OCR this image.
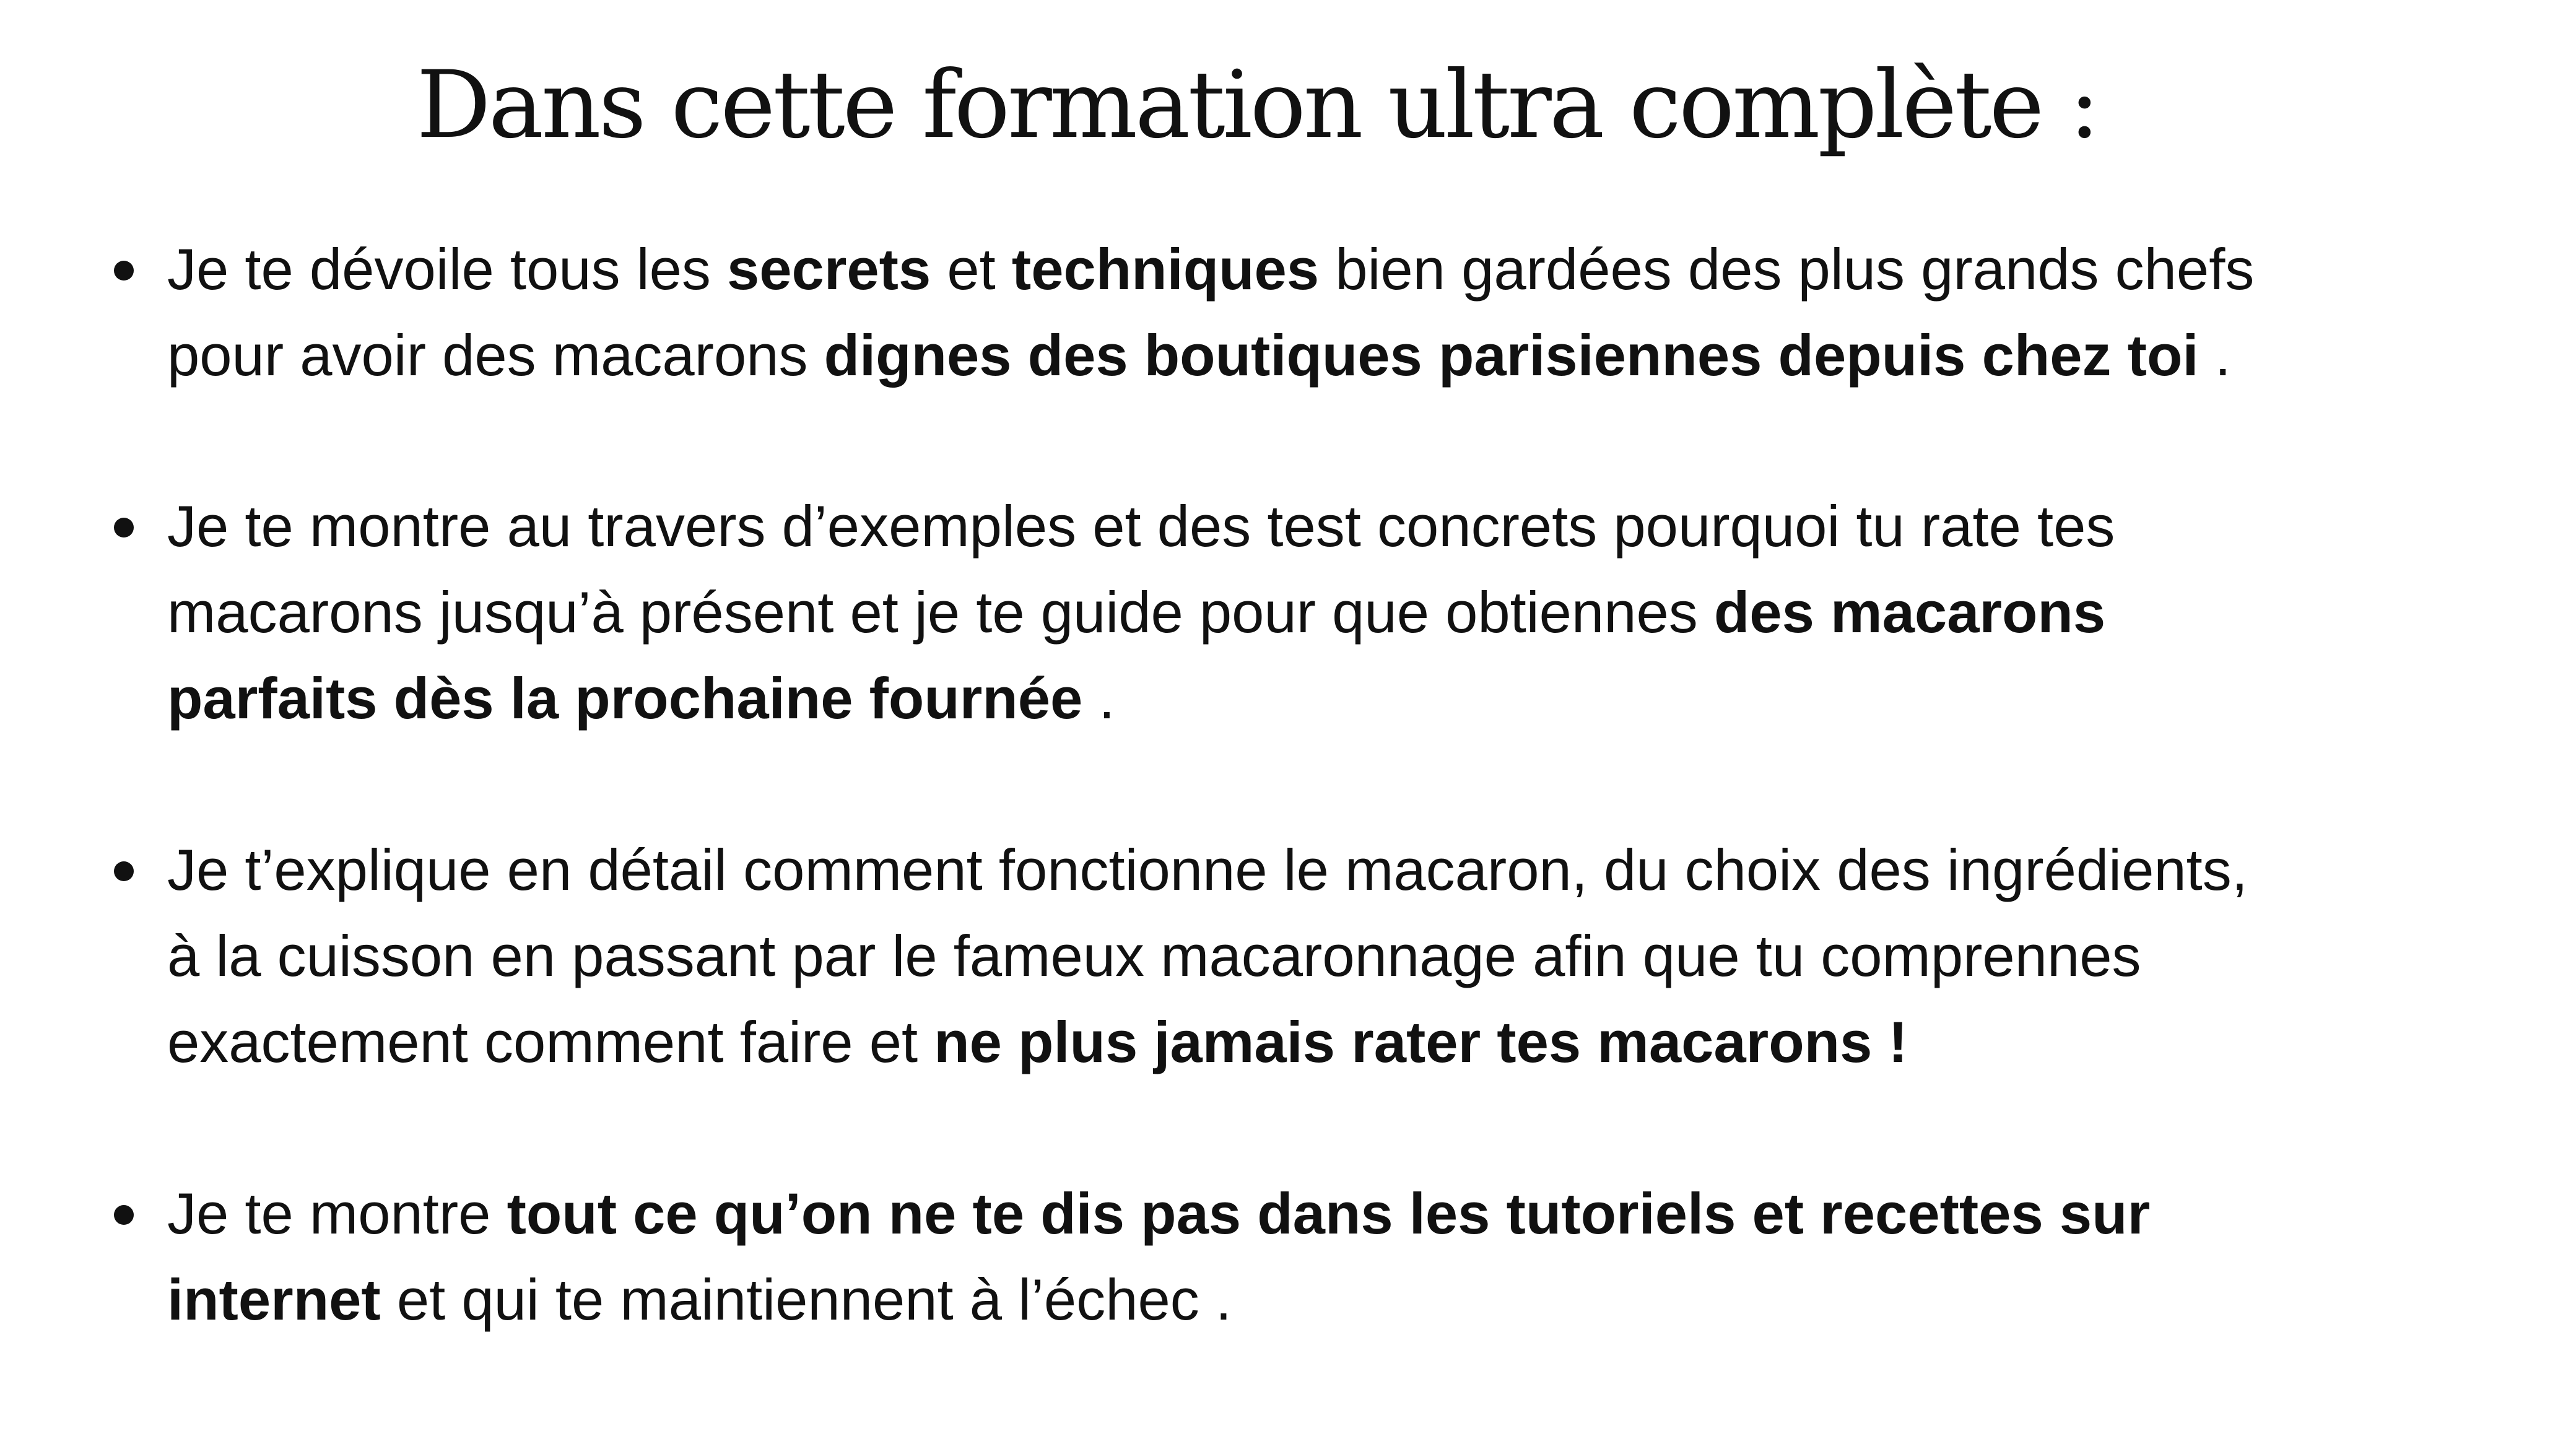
Dans cette formation ultra complète :

Je te dévoile tous les secrets et techniques bien gardées des plus grands chefs

pour avoir des macarons dignes des boutiques parisiennes depuis chez toi .

Je te montre au travers d’exemples et des test concrets pourquoi tu rate tes

macarons jusqu’à présent et je te guide pour que obtiennes des macarons

parfaits dès la prochaine fournée .

Je t’explique en détail comment fonctionne le macaron, du choix des ingrédients,

à la cuisson en passant par le fameux macaronnage afin que tu comprennes

exactement comment faire et ne plus jamais rater tes macarons !

Je te montre tout ce qu’on ne te dis pas dans les tutoriels et recettes sur

internet et qui te maintiennent à l’échec .
